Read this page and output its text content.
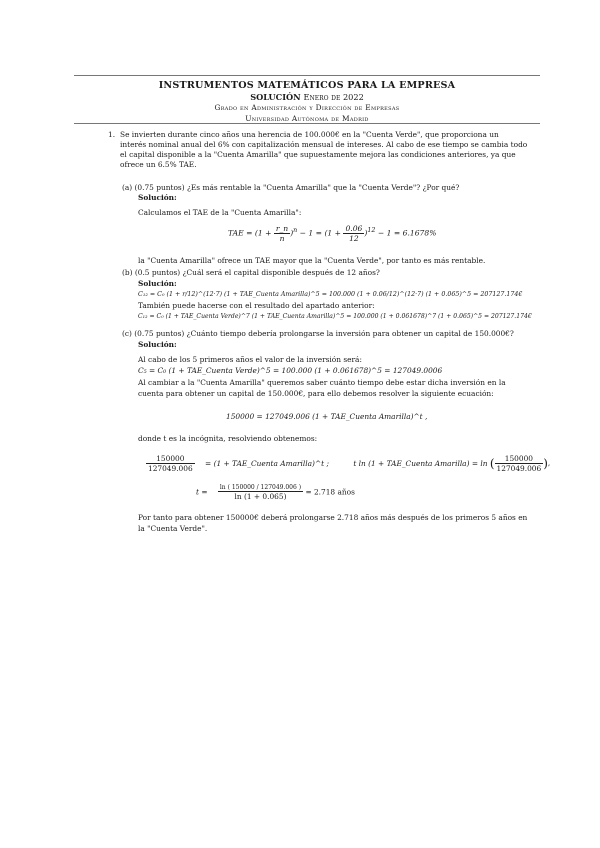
INSTRUMENTOS MATEMÁTICOS PARA LA EMPRESA
SOLUCIÓN Enero de 2022
Grado en Administración y Dirección de Empresas
Universidad Autónoma de Madrid
1. Se invierten durante cinco años una herencia de 100.000€ en la "Cuenta Verde", que proporciona un
interés nominal anual del 6% con capitalización mensual de intereses. Al cabo de ese tiempo se cambia todo
el capital disponible a la "Cuenta Amarilla" que supuestamente mejora las condiciones anteriores, ya que
ofrece un 6.5% TAE.
(a) (0.75 puntos) ¿Es más rentable la "Cuenta Amarilla" que la "Cuenta Verde"? ¿Por qué?
Solución:
Calculamos el TAE de la "Cuenta Amarilla":
TAE = $(1 + \frac{r\_n}{n} )^n - 1 = (1 + \frac{0.06}{12} )^{12} - 1 = 6.1678\%$
la "Cuenta Amarilla" ofrece un TAE mayor que la "Cuenta Verde", por tanto es más rentable.
(b) (0.5 puntos) ¿Cuál será el capital disponible después de 12 años?
Solución:
C₁₂ = C₀ (1 + r/12)^(12·7) (1 + TAE_Cuenta Amarilla)^5 = 100.000 (1 + 0.06/12)^(12·7) (1 + 0.065)^5 = 207127.174€
También puede hacerse con el resultado del apartado anterior:
C₁₂ = C₀ (1 + TAE_Cuenta Verde)^7 (1 + TAE_Cuenta Amarilla)^5 = 100.000 (1 + 0.061678)^7 (1 + 0.065)^5 = 207127.174€
(c) (0.75 puntos) ¿Cuánto tiempo debería prolongarse la inversión para obtener un capital de 150.000€?
Solución:
Al cabo de los 5 primeros años el valor de la inversión será:
C₅ = C₀ (1 + TAE_Cuenta Verde)^5 = 100.000 (1 + 0.061678)^5 = 127049.0006
Al cambiar a la "Cuenta Amarilla" queremos saber cuánto tiempo debe estar dicha inversión en la
cuenta para obtener un capital de 150.000€, para ello debemos resolver la siguiente ecuación:
150000 = 127049.006 (1 + TAE_Cuenta Amarilla)^t ,
donde t es la incógnita, resolviendo obtenemos:
$\frac{150000}{127049.006} = (1$ + TAE_Cuenta Amarilla)^t ;	t ln (1 + TAE_Cuenta Amarilla) = ln ( $\frac{150000}{127049.006}$ ),
$t = \frac{\ln ( 150000 / 127049.006 )}{\ln (1 + 0.065)} = 2.718$ años
Por tanto para obtener 150000€ deberá prolongarse 2.718 años más después de los primeros 5 años en
la "Cuenta Verde".
